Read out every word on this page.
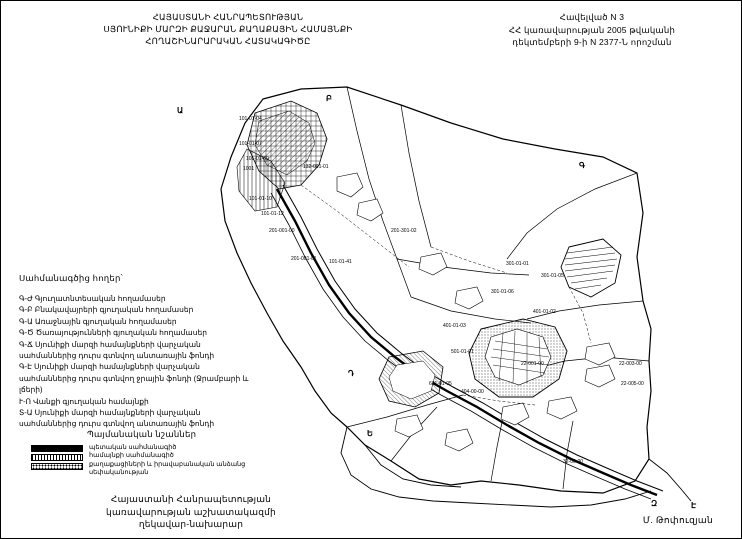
ՀԱՅԱՍՏԱՆԻ ՀԱՆՐԱՊԵՏՈՒԹՅԱՆ
ՍՅՈՒՆԻՔԻ ՄԱՐԶԻ ՔԱՋԱՐԱՆ ՔԱՂԱՔԱՅԻՆ ՀԱՄԱՅՆՔԻ
ՀՈՂԱՇԻՆԱՐԱՐԱԿԱՆ ՀԱՏԱԿԱԳԻԾԸ
Հավելված N 3
ՀՀ կառավարության 2005 թվականի
դեկտեմբերի 9-ի N 2377-Ն որոշման
Սահմանագծից հողեր՝
Գ-Ժ Գյուղատնտեսական հողամասեր
Գ-Բ Բնակավայրերի գյուղական հողամասեր
Գ-Ա Առաջնային գյուղական հողամասեր
Գ-Ծ Ծառայությունների գյուղական հողամասեր
Գ-Ճ Սյունիքի մարզի համայնքների վարչական սահմաններից դուրս գտնվող անտառային ֆոնդի
Գ-Է Սյունիքի մարզի համայնքների վարչական սահմաններից դուրս գտնվող ջրային ֆոնդի (Ջրամբարի և լճերի)
Ւ-Ո Վանքի գյուղական համայնքի
Տ-Ա Սյունիքի մարզի համայնքների վարչական սահմաններից դուրս գտնվող անտառային ֆոնդի
Պայմանական նշաններ
պետական սահմանագիծ
համայնքի սահմանագիծ
քաղաքացիների և իրավաբանական անձանց սեփականության
Հայաստանի Հանրապետության
կառավարության աշխատակազմի
ղեկավար-նախարար	Մ. Թոփուզյան
Ա
Բ
Գ
Դ
Ե
Զ	Է
101-01-04
101-01-07
101-01-09
1001	132-001-01
101-01-10
101-01-12
201-001-00	201-301-02
201-001-01 101-01-41	301-01-01
301-01-05
301-01-06
401-01-02
401-01-03
501-01-01
22-001-00
601-01-05
404-00-00
22-003-00
22-005-00
32-00-00
